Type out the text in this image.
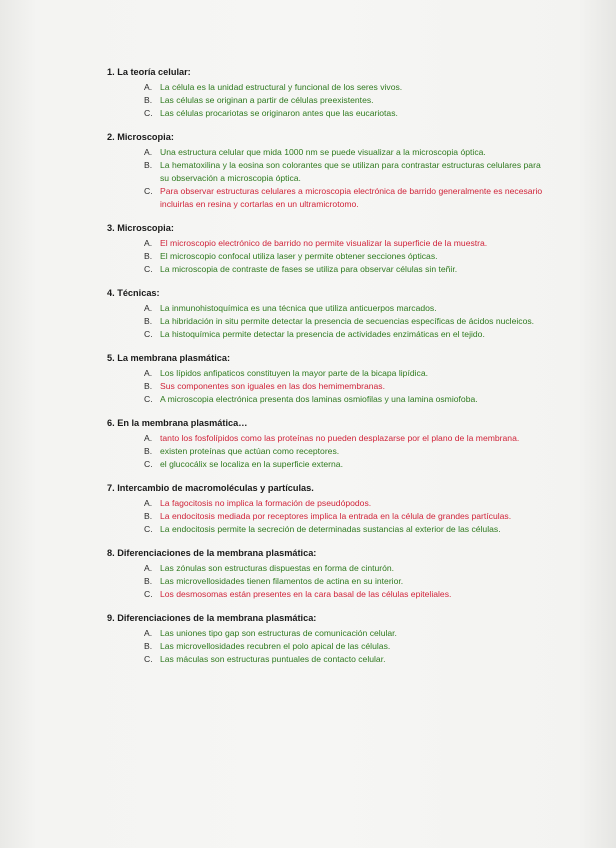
1. La teoría celular:
A. La célula es la unidad estructural y funcional de los seres vivos.
B. Las células se originan a partir de células preexistentes.
C. Las células procariotas se originaron antes que las eucariotas.
2. Microscopia:
A. Una estructura celular que mida 1000 nm se puede visualizar a la microscopia óptica.
B. La hematoxilina y la eosina son colorantes que se utilizan para contrastar estructuras celulares para su observación a microscopia óptica.
C. Para observar estructuras celulares a microscopia electrónica de barrido generalmente es necesario incluirlas en resina y cortarlas en un ultramicrotomo.
3. Microscopia:
A. El microscopio electrónico de barrido no permite visualizar la superficie de la muestra.
B. El microscopio confocal utiliza laser y permite obtener secciones ópticas.
C. La microscopia de contraste de fases se utiliza para observar células sin teñir.
4. Técnicas:
A. La inmunohistoquímica es una técnica que utiliza anticuerpos marcados.
B. La hibridación in situ permite detectar la presencia de secuencias específicas de ácidos nucleicos.
C. La histoquímica permite detectar la presencia de actividades enzimáticas en el tejido.
5. La membrana plasmática:
A. Los lípidos anfipaticos constituyen la mayor parte de la bicapa lipídica.
B. Sus componentes son iguales en las dos hemimembranas.
C. A microscopia electrónica presenta dos laminas osmiofilas y una lamina osmiofoba.
6. En la membrana plasmática…
A. tanto los fosfolípidos como las proteínas no pueden desplazarse por el plano de la membrana.
B. existen proteínas que actúan como receptores.
C. el glucocálix se localiza en la superficie externa.
7. Intercambio de macromoléculas y partículas.
A. La fagocitosis no implica la formación de pseudópodos.
B. La endocitosis mediada por receptores implica la entrada en la célula de grandes partículas.
C. La endocitosis permite la secreción de determinadas sustancias al exterior de las células.
8. Diferenciaciones de la membrana plasmática:
A. Las zónulas son estructuras dispuestas en forma de cinturón.
B. Las microvellosidades tienen filamentos de actina en su interior.
C. Los desmosomas están presentes en la cara basal de las células epiteliales.
9. Diferenciaciones de la membrana plasmática:
A. Las uniones tipo gap son estructuras de comunicación celular.
B. Las microvellosidades recubren el polo apical de las células.
C. Las máculas son estructuras puntuales de contacto celular.
